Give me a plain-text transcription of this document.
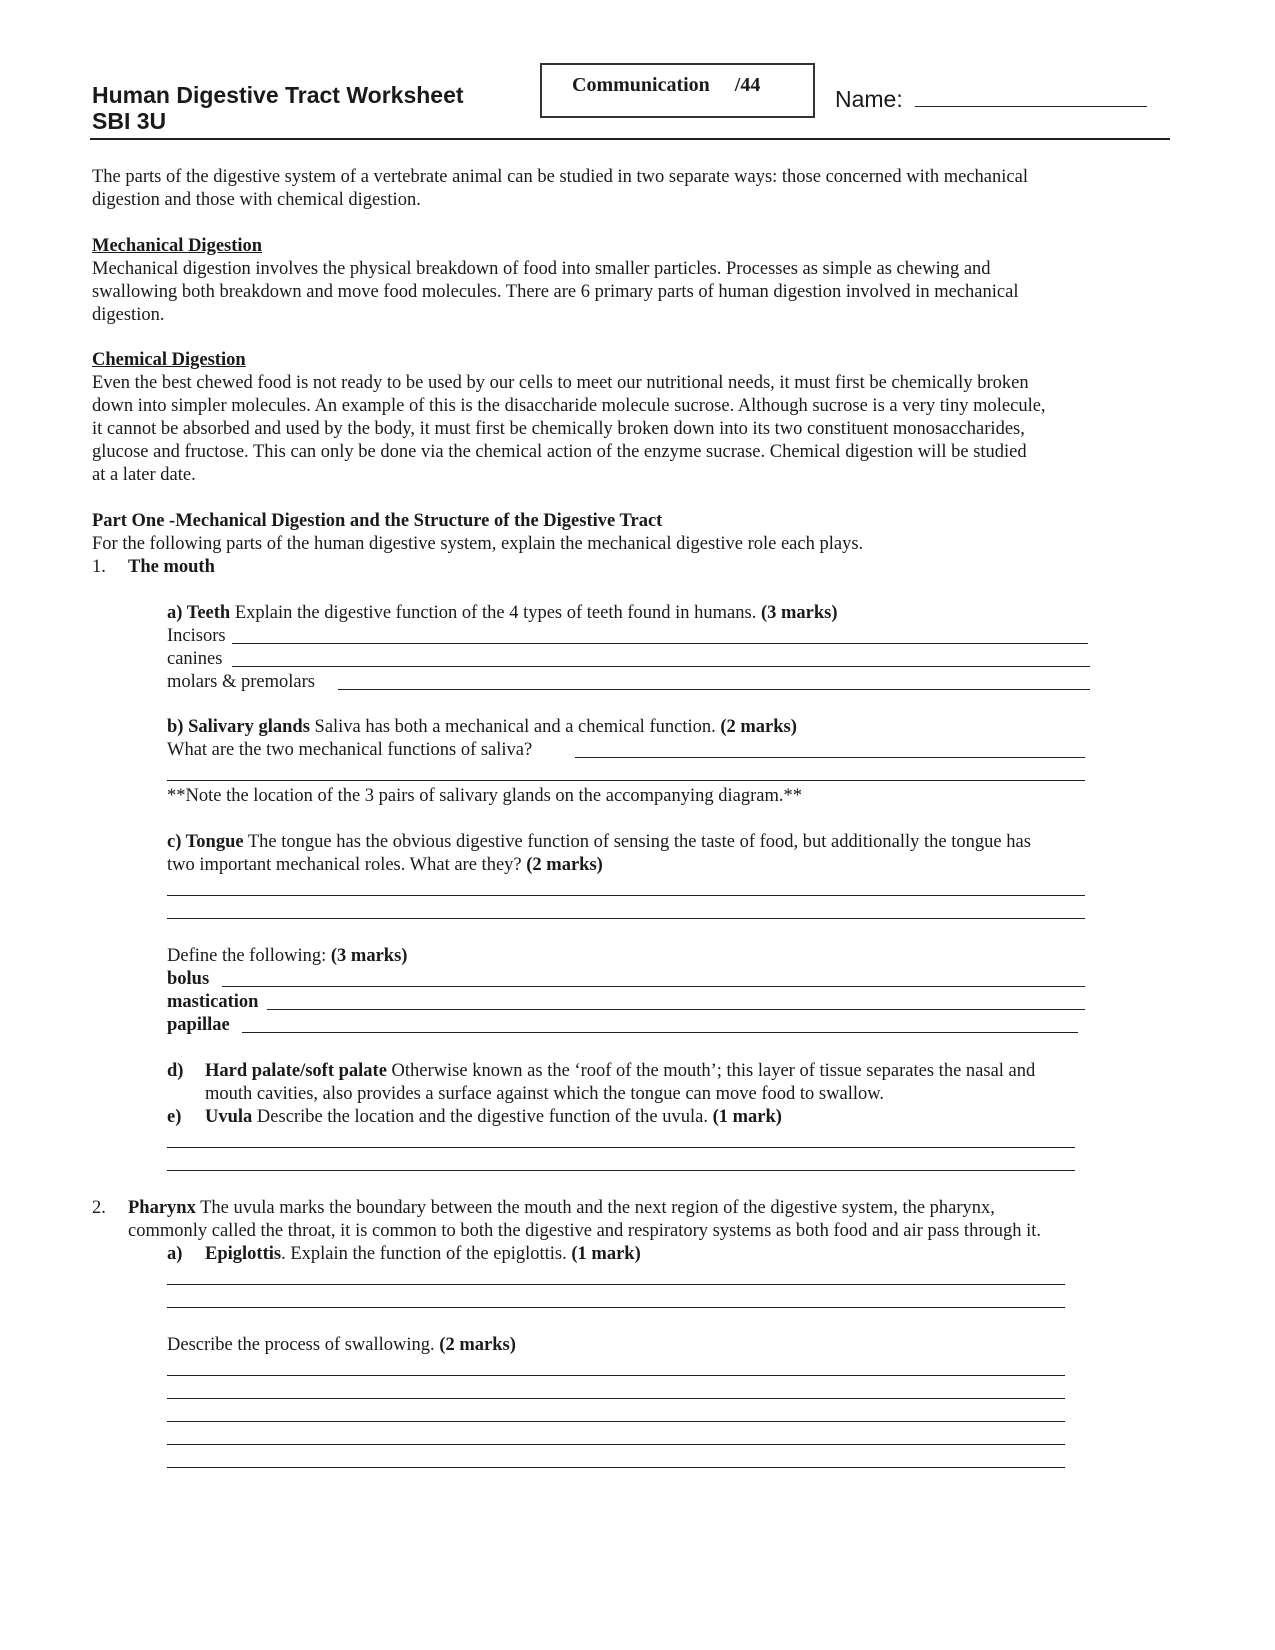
Human Digestive Tract Worksheet
SBI 3U
Communication /44
Name:
The parts of the digestive system of a vertebrate animal can be studied in two separate ways: those concerned with mechanical
digestion and those with chemical digestion.
Mechanical Digestion
Mechanical digestion involves the physical breakdown of food into smaller particles. Processes as simple as chewing and
swallowing both breakdown and move food molecules. There are 6 primary parts of human digestion involved in mechanical
digestion.
Chemical Digestion
Even the best chewed food is not ready to be used by our cells to meet our nutritional needs, it must first be chemically broken
down into simpler molecules. An example of this is the disaccharide molecule sucrose. Although sucrose is a very tiny molecule,
it cannot be absorbed and used by the body, it must first be chemically broken down into its two constituent monosaccharides,
glucose and fructose. This can only be done via the chemical action of the enzyme sucrase. Chemical digestion will be studied
at a later date.
Part One -Mechanical Digestion and the Structure of the Digestive Tract
For the following parts of the human digestive system, explain the mechanical digestive role each plays.
1. The mouth
a) Teeth Explain the digestive function of the 4 types of teeth found in humans. (3 marks)
Incisors
canines
molars & premolars
b) Salivary glands Saliva has both a mechanical and a chemical function. (2 marks)
What are the two mechanical functions of saliva?
**Note the location of the 3 pairs of salivary glands on the accompanying diagram.**
c) Tongue The tongue has the obvious digestive function of sensing the taste of food, but additionally the tongue has
two important mechanical roles. What are they? (2 marks)
Define the following: (3 marks)
bolus
mastication
papillae
d) Hard palate/soft palate Otherwise known as the ‘roof of the mouth’; this layer of tissue separates the nasal and
mouth cavities, also provides a surface against which the tongue can move food to swallow.
e) Uvula Describe the location and the digestive function of the uvula. (1 mark)
2. Pharynx The uvula marks the boundary between the mouth and the next region of the digestive system, the pharynx,
commonly called the throat, it is common to both the digestive and respiratory systems as both food and air pass through it.
a) Epiglottis. Explain the function of the epiglottis. (1 mark)
Describe the process of swallowing. (2 marks)
